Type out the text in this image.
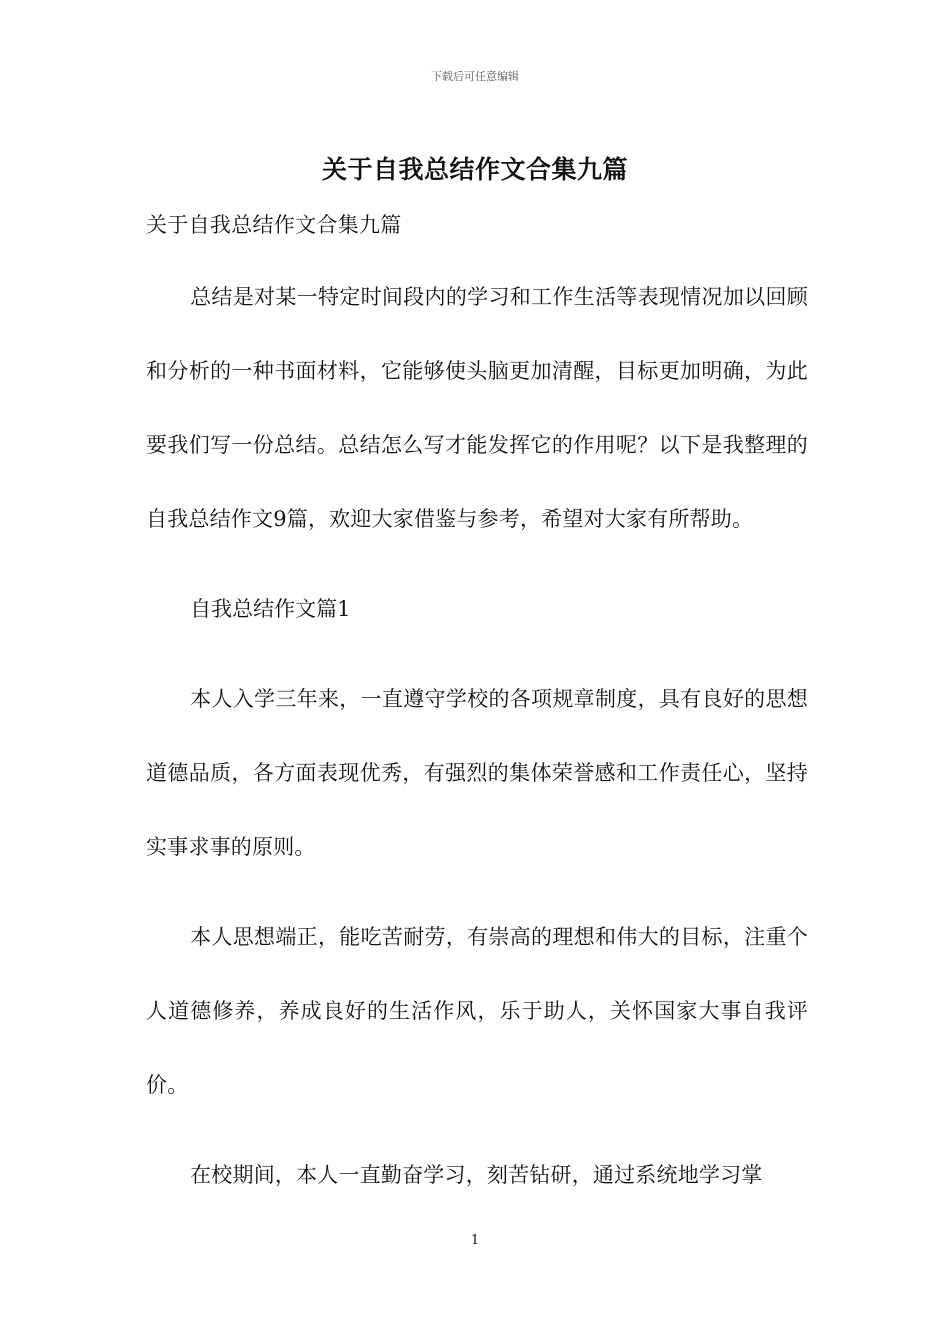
下载后可任意编辑
关于自我总结作文合集九篇

关于自我总结作文合集九篇

总结是对某一特定时间段内的学习和工作生活等表现情况加以回顾和分析的一种书面材料，它能够使头脑更加清醒，目标更加明确，为此要我们写一份总结。总结怎么写才能发挥它的作用呢？以下是我整理的自我总结作文9篇，欢迎大家借鉴与参考，希望对大家有所帮助。

自我总结作文篇1

本人入学三年来，一直遵守学校的各项规章制度，具有良好的思想道德品质，各方面表现优秀，有强烈的集体荣誉感和工作责任心，坚持实事求事的原则。

本人思想端正，能吃苦耐劳，有崇高的理想和伟大的目标，注重个人道德修养，养成良好的生活作风，乐于助人，关怀国家大事自我评价。

在校期间，本人一直勤奋学习，刻苦钻研，通过系统地学习掌

1
